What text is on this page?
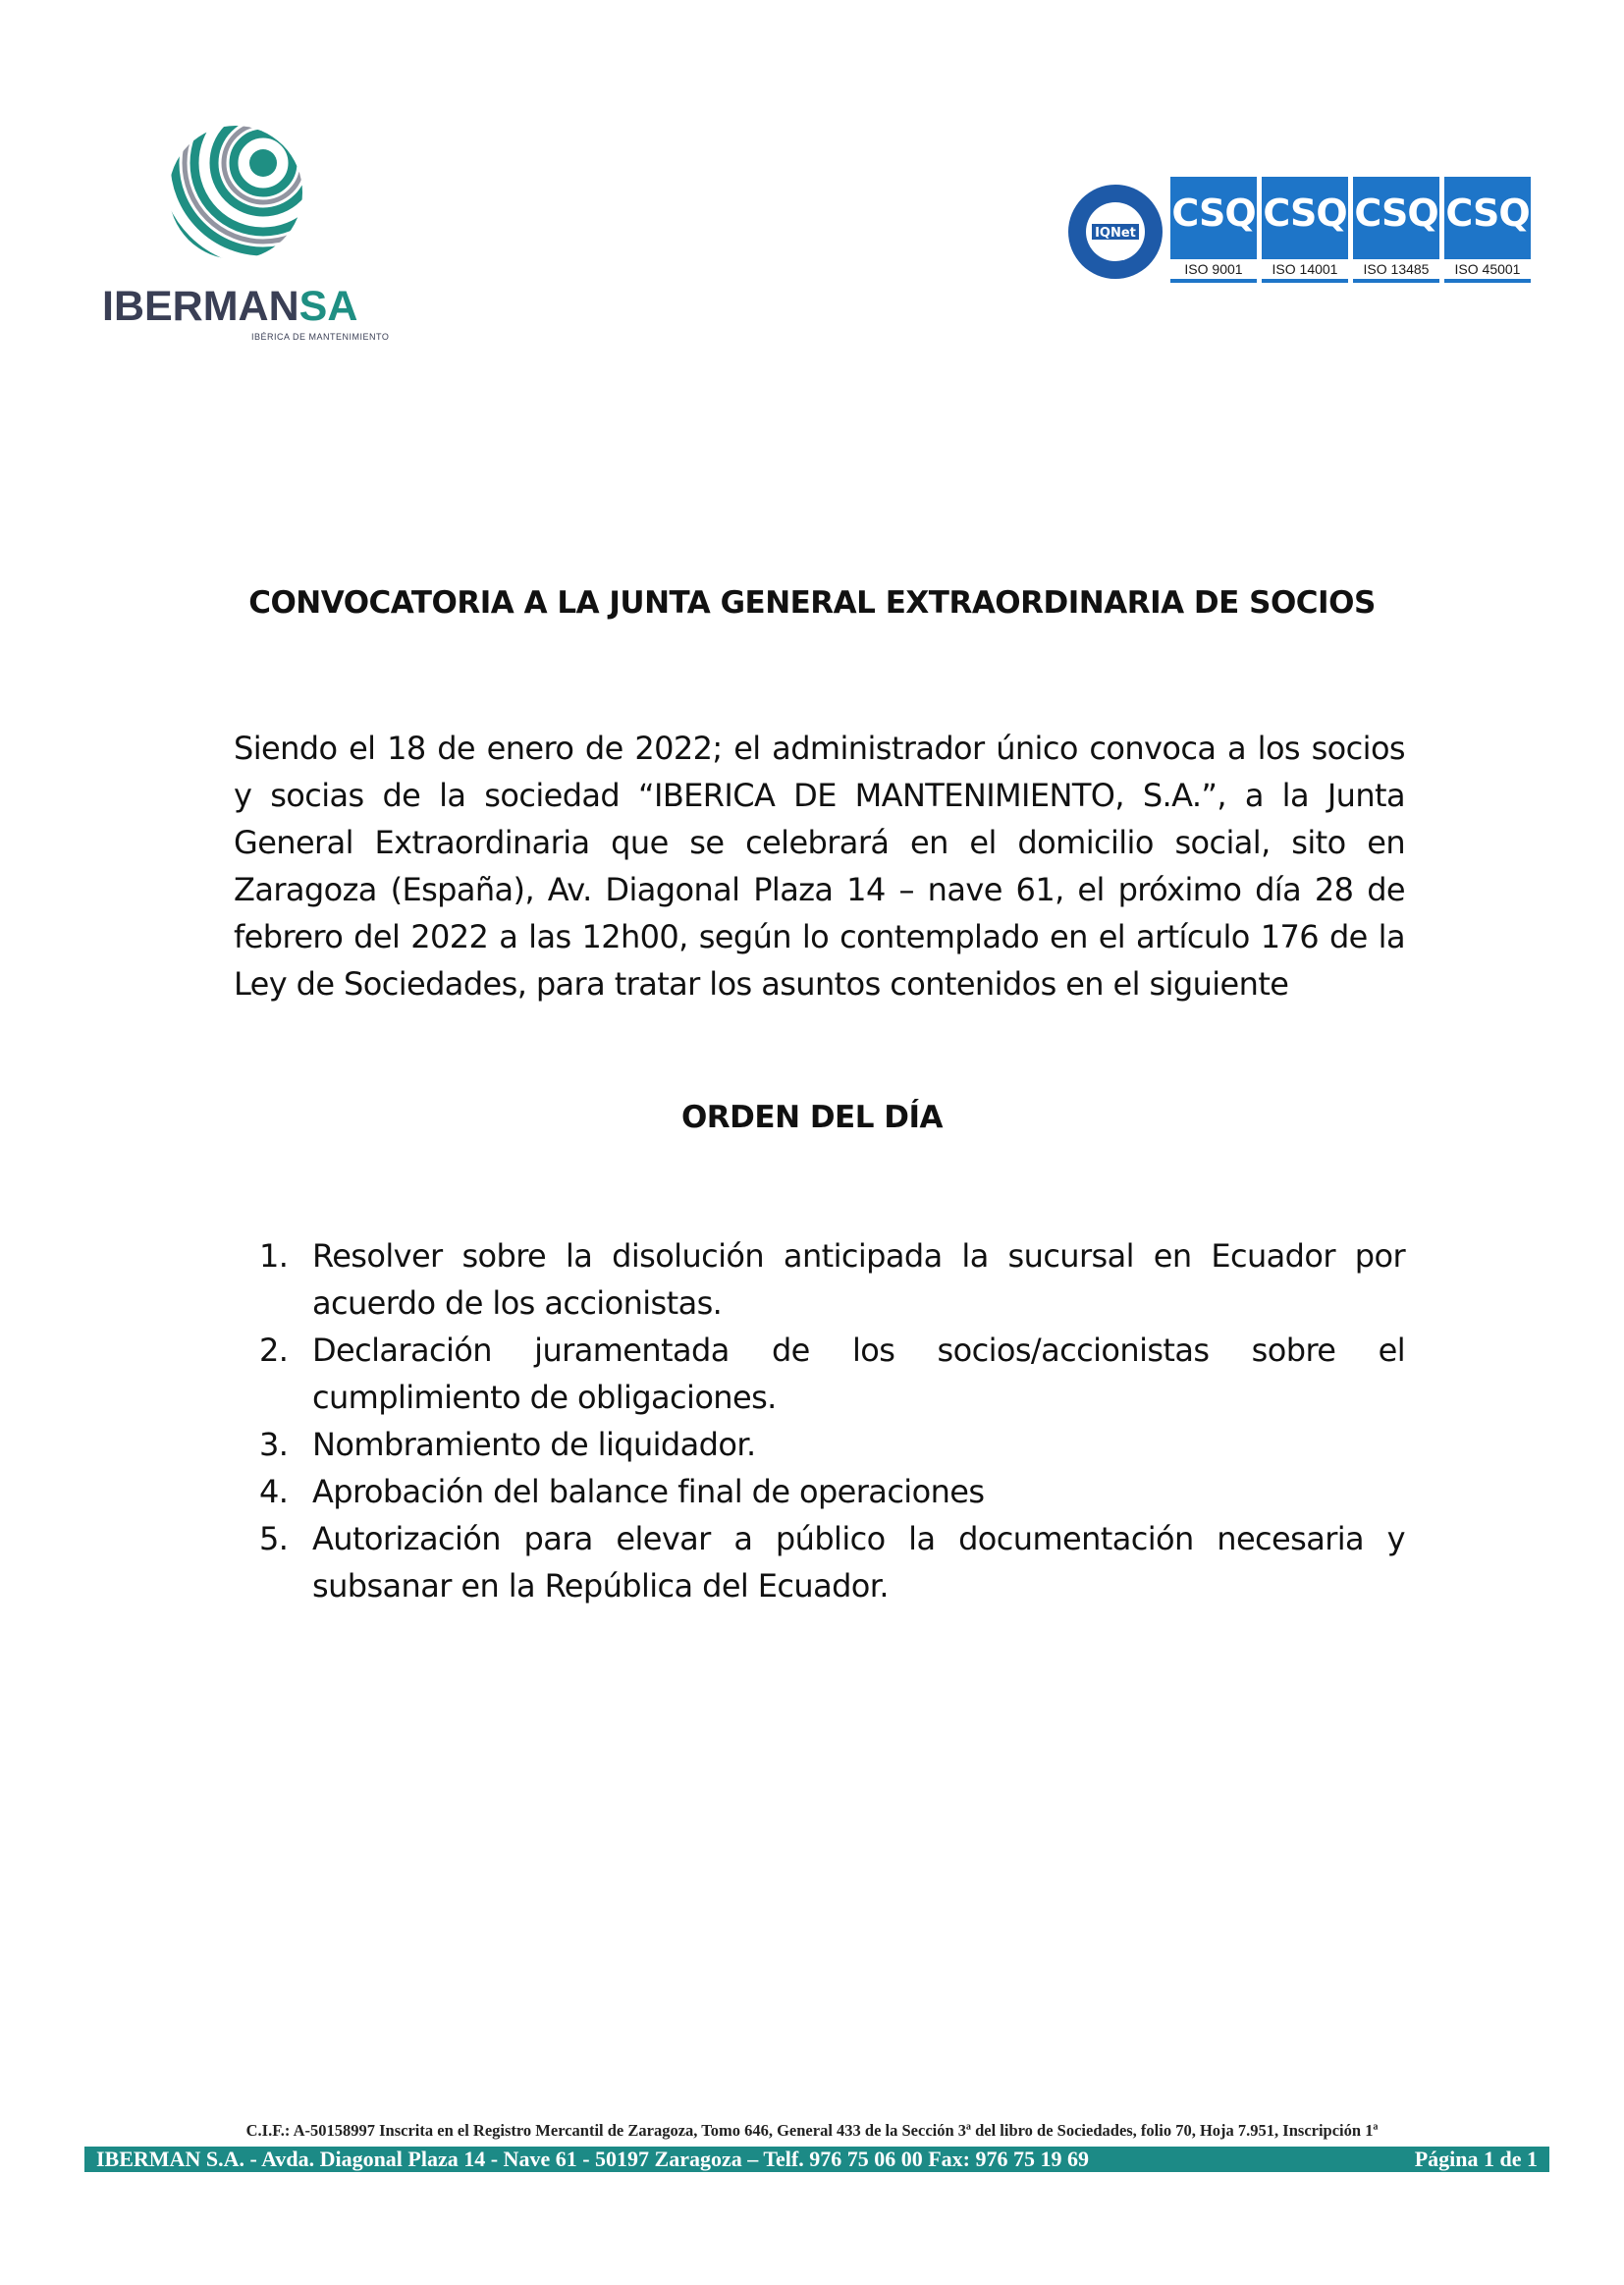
IBERMANSA
IBÉRICA DE MANTENIMIENTO
IQNet CSQ
ISO 9001
CSQ
ISO 14001
CSQ
ISO 13485
CSQ
ISO 45001
CONVOCATORIA A LA JUNTA GENERAL EXTRAORDINARIA DE SOCIOS
Siendo el 18 de enero de 2022; el administrador único convoca a los socios y socias de la sociedad “IBERICA DE MANTENIMIENTO, S.A.”, a la Junta General Extraordinaria que se celebrará en el domicilio social, sito en Zaragoza (España), Av. Diagonal Plaza 14 – nave 61, el próximo día 28 de febrero del 2022 a las 12h00, según lo contemplado en el artículo 176 de la Ley de Sociedades, para tratar los asuntos contenidos en el siguiente
ORDEN DEL DÍA
1. Resolver sobre la disolución anticipada la sucursal en Ecuador por acuerdo de los accionistas.
2. Declaración juramentada de los socios/accionistas sobre el cumplimiento de obligaciones.
3. Nombramiento de liquidador.
4. Aprobación del balance final de operaciones
5. Autorización para elevar a público la documentación necesaria y subsanar en la República del Ecuador.
C.I.F.: A-50158997 Inscrita en el Registro Mercantil de Zaragoza, Tomo 646, General 433 de la Sección 3ª del libro de Sociedades, folio 70, Hoja 7.951, Inscripción 1ª
IBERMAN S.A. - Avda. Diagonal Plaza 14 - Nave 61 - 50197 Zaragoza – Telf. 976 75 06 00 Fax: 976 75 19 69	Página 1 de 1
